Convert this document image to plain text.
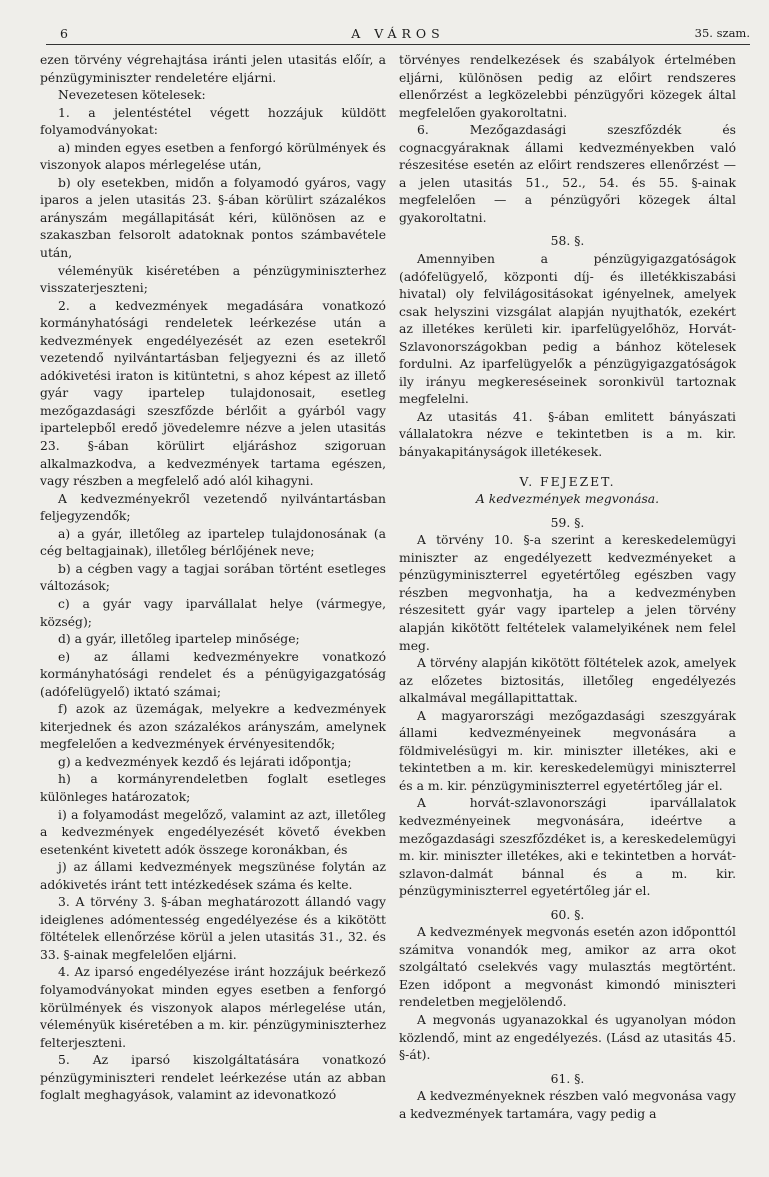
6	A VÁROS	35. szam.

ezen törvény végrehajtása iránti jelen utasitás előír, a pénzügyminiszter rendeletére eljárni.

Nevezetesen kötelesek:

1. a jelentéstétel végett hozzájuk küldött folyamodványokat:

a) minden egyes esetben a fenforgó körülmények és viszonyok alapos mérlegelése után,

b) oly esetekben, midőn a folyamodó gyáros, vagy iparos a jelen utasitás 23. §-ában körülirt százalékos arányszám megállapitását kéri, különösen az e szakaszban felsorolt adatoknak pontos számbavétele után,

véleményük kiséretében a pénzügyminiszterhez visszaterjeszteni;

2. a kedvezmények megadására vonatkozó kormányhatósági rendeletek leérkezése után a kedvezmények engedélyezését az ezen esetekről vezetendő nyilvántartásban feljegyezni és az illető adókivetési iraton is kitüntetni, s ahoz képest az illető gyár vagy ipartelep tulajdonosait, esetleg mezőgazdasági szeszfőzde bérlőit a gyárból vagy ipartelepből eredő jövedelemre nézve a jelen utasitás 23. §-ában körülirt eljáráshoz szigoruan alkalmazkodva, a kedvezmények tartama egészen, vagy részben a megfelelő adó alól kihagyni.

A kedvezményekről vezetendő nyilvántartásban feljegyzendők;

a) a gyár, illetőleg az ipartelep tulajdonosának (a cég beltagjainak), illetőleg bérlőjének neve;

b) a cégben vagy a tagjai sorában történt esetleges változások;

c) a gyár vagy iparvállalat helye (vármegye, község);

d) a gyár, illetőleg ipartelep minősége;

e) az állami kedvezményekre vonatkozó kormányhatósági rendelet és a pénügyigazgatóság (adófelügyelő) iktató számai;

f) azok az üzemágak, melyekre a kedvezmények kiterjednek és azon százalékos arányszám, amelynek megfelelően a kedvezmények érvényesitendők;

g) a kedvezmények kezdő és lejárati időpontja;

h) a kormányrendeletben foglalt esetleges különleges határozatok;

i) a folyamodást megelőző, valamint az azt, illetőleg a kedvezmények engedélyezését követő években esetenként kivetett adók összege koronákban, és

j) az állami kedvezmények megszünése folytán az adókivetés iránt tett intézkedések száma és kelte.

3. A törvény 3. §-ában meghatározott állandó vagy ideiglenes adómentesség engedélyezése és a kikötött föltételek ellenőrzése körül a jelen utasitás 31., 32. és 33. §-ainak megfelelően eljárni.

4. Az iparsó engedélyezése iránt hozzájuk beérkező folyamodványokat minden egyes esetben a fenforgó körülmények és viszonyok alapos mérlegelése után, véleményük kiséretében a m. kir. pénzügyminiszterhez felterjeszteni.

5. Az iparsó kiszolgáltatására vonatkozó pénzügyminiszteri rendelet leérkezése után az abban foglalt meghagyások, valamint az idevonatkozó

törvényes rendelkezések és szabályok értelmében eljárni, különösen pedig az előirt rendszeres ellenőrzést a legközelebbi pénzügyőri közegek által megfelelően gyakoroltatni.

6. Mezőgazdasági szeszfőzdék és cognacgyáraknak állami kedvezményekben való részesitése esetén az előirt rendszeres ellenőrzést — a jelen utasitás 51., 52., 54. és 55. §-ainak megfelelően — a pénzügyőri közegek által gyakoroltatni.

58. §.

Amennyiben a pénzügyigazgatóságok (adófelügyelő, központi díj- és illetékkiszabási hivatal) oly felvilágositásokat igényelnek, amelyek csak helyszini vizsgálat alapján nyujthatók, ezekért az illetékes kerületi kir. iparfelügyelőhöz, Horvát-Szlavonországokban pedig a bánhoz kötelesek fordulni. Az iparfelügyelők a pénzügyigazgatóságok ily irányu megkereséseinek soronkivül tartoznak megfelelni.

Az utasitás 41. §-ában emlitett bányászati vállalatokra nézve e tekintetben is a m. kir. bányakapitányságok illetékesek.

V. FEJEZET.

A kedvezmények megvonása.

59. §.

A törvény 10. §-a szerint a kereskedelemügyi miniszter az engedélyezett kedvezményeket a pénzügyminiszterrel egyetértőleg egészben vagy részben megvonhatja, ha a kedvezményben részesitett gyár vagy ipartelep a jelen törvény alapján kikötött feltételek valamelyikének nem felel meg.

A törvény alapján kikötött föltételek azok, amelyek az előzetes biztositás, illetőleg engedélyezés alkalmával megállapittattak.

A magyarországi mezőgazdasági szeszgyárak állami kedvezményeinek megvonására a földmivelésügyi m. kir. miniszter illetékes, aki e tekintetben a m. kir. kereskedelemügyi miniszterrel és a m. kir. pénzügyminiszterrel egyetértőleg jár el.

A horvát-szlavonországi iparvállalatok kedvezményeinek megvonására, ideértve a mezőgazdasági szeszfőzdéket is, a kereskedelemügyi m. kir. miniszter illetékes, aki e tekintetben a horvát-szlavon-dalmát bánnal és a m. kir. pénzügyminiszterrel egyetértőleg jár el.

60. §.

A kedvezmények megvonás esetén azon időponttól számitva vonandók meg, amikor az arra okot szolgáltató cselekvés vagy mulasztás megtörtént. Ezen időpont a megvonást kimondó miniszteri rendeletben megjelölendő.

A megvonás ugyanazokkal és ugyanolyan módon közlendő, mint az engedélyezés. (Lásd az utasitás 45. §-át).

61. §.

A kedvezményeknek részben való megvonása vagy a kedvezmények tartamára, vagy pedig a
